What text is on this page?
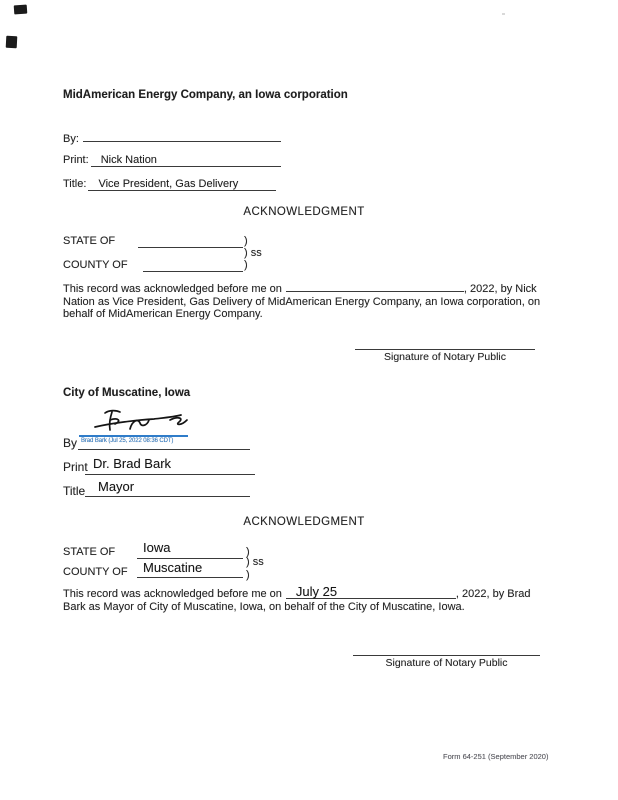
MidAmerican Energy Company, an Iowa corporation
By:
Print: Nick Nation
Title: Vice President, Gas Delivery
ACKNOWLEDGMENT
STATE OF	)
) ss
COUNTY OF	)

This record was acknowledged before me on	, 2022, by Nick Nation as Vice President, Gas Delivery of MidAmerican Energy Company, an Iowa corporation, on behalf of MidAmerican Energy Company.

Signature of Notary Public
City of Muscatine, Iowa
Brad Bark (Jul 25, 2022 08:36 CDT)
By
Print Dr. Brad Bark
Title Mayor
ACKNOWLEDGMENT
STATE OF	Iowa	)
) ss
COUNTY OF	Muscatine	)

This record was acknowledged before me on July 25	, 2022, by Brad Bark as Mayor of City of Muscatine, Iowa, on behalf of the City of Muscatine, Iowa.

Signature of Notary Public
Form 64-251 (September 2020)
